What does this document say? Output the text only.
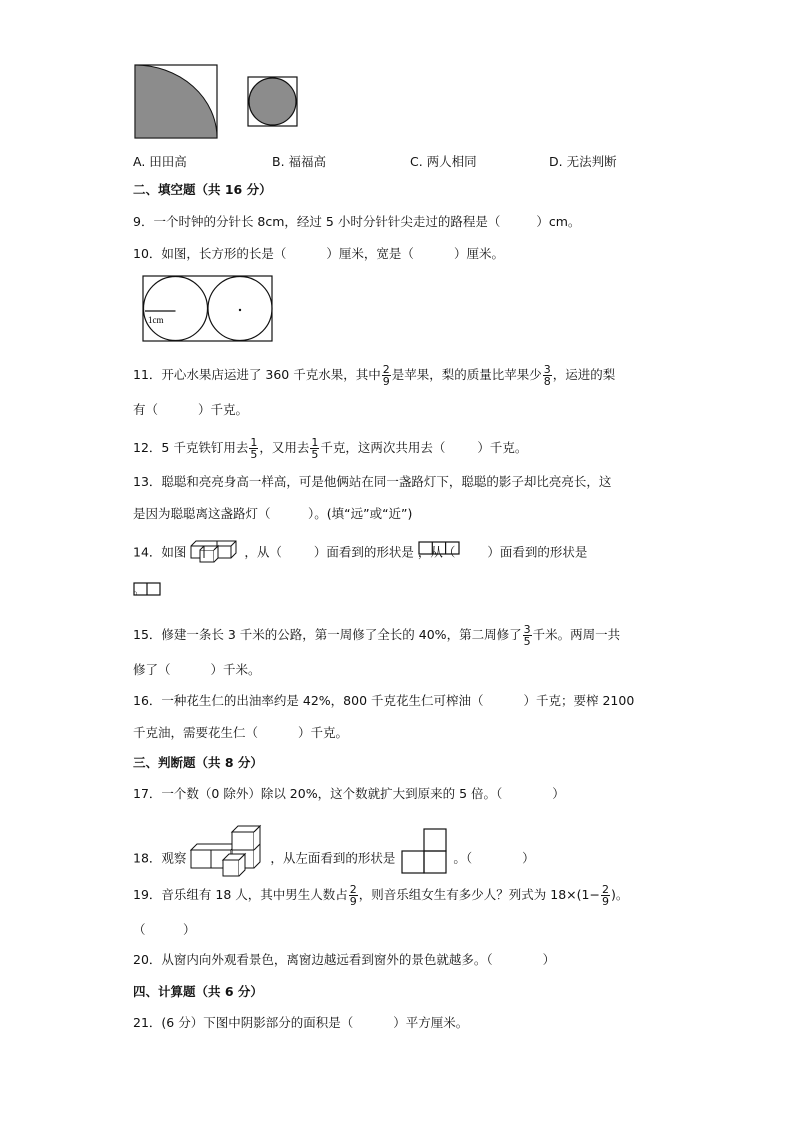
A. 田田高	B. 福福高	C. 两人相同	D. 无法判断
二、填空题（共 16 分）
9．一个时钟的分针长 8cm，经过 5 小时分针针尖走过的路程是（	）cm。
10．如图，长方形的长是（	）厘米，宽是（	）厘米。
1cm
11．开心水果店运进了 360 千克水果，其中 $\frac{2}{9}$ 是苹果，梨的质量比苹果少 $\frac{3}{8}$ ，运进的梨
有（	）千克。
12．5 千克铁钉用去 $\frac{1}{5}$ ，又用去 $\frac{1}{5}$ 千克，这两次共用去（	）千克。
13．聪聪和亮亮身高一样高，可是他俩站在同一盏路灯下，聪聪的影子却比亮亮长，这
是因为聪聪离这盏路灯（　　　）。(填“远”或“近”)
14．如图	，从（	）面看到的形状是 ，从（	）面看到的形状是
。
15．修建一条长 3 千米的公路，第一周修了全长的 40%，第二周修了 $\frac{3}{5}$ 千米。两周一共
修了（	）千米。
16．一种花生仁的出油率约是 42%，800 千克花生仁可榨油（	）千克；要榨 2100
千克油，需要花生仁（	）千克。
三、判断题（共 8 分）
17．一个数（0 除外）除以 20%，这个数就扩大到原来的 5 倍。（　　　　）
18．观察	，从左面看到的形状是	。（　　　　）
19．音乐组有 18 人，其中男生人数占 $\frac{2}{9}$ ，则音乐组女生有多少人？列式为 $18\times(1- \frac{2}{9}$ )。
（　　　）
20．从窗内向外观看景色，离窗边越远看到窗外的景色就越多。（　　　　）
四、计算题（共 6 分）
21．(6 分）下图中阴影部分的面积是（	）平方厘米。
